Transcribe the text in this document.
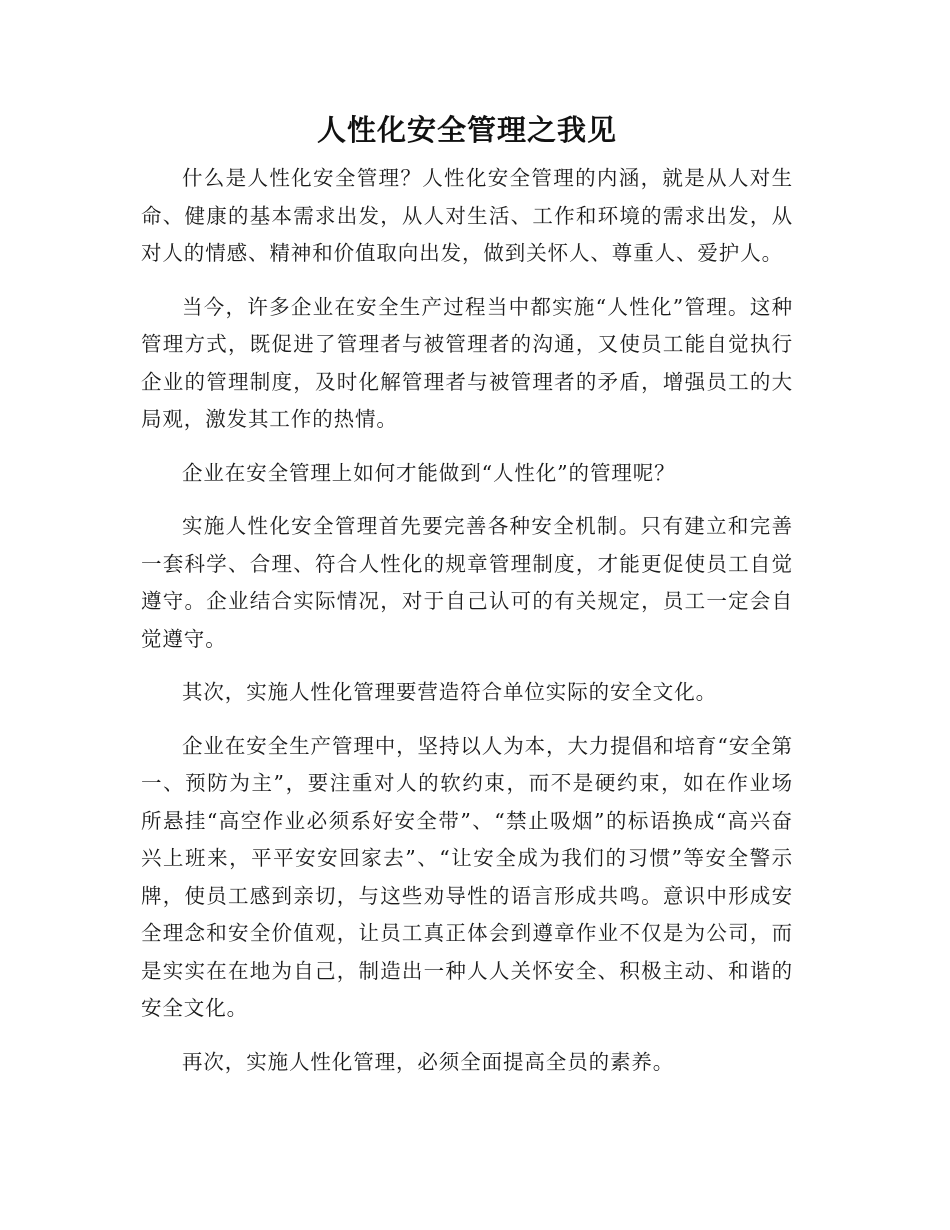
人性化安全管理之我见

什么是人性化安全管理？人性化安全管理的内涵，就是从人对生命、健康的基本需求出发，从人对生活、工作和环境的需求出发，从对人的情感、精神和价值取向出发，做到关怀人、尊重人、爱护人。

当今，许多企业在安全生产过程当中都实施“人性化”管理。这种管理方式，既促进了管理者与被管理者的沟通，又使员工能自觉执行企业的管理制度，及时化解管理者与被管理者的矛盾，增强员工的大局观，激发其工作的热情。

企业在安全管理上如何才能做到“人性化”的管理呢？

实施人性化安全管理首先要完善各种安全机制。只有建立和完善一套科学、合理、符合人性化的规章管理制度，才能更促使员工自觉遵守。企业结合实际情况，对于自己认可的有关规定，员工一定会自觉遵守。

其次，实施人性化管理要营造符合单位实际的安全文化。

企业在安全生产管理中，坚持以人为本，大力提倡和培育“安全第一、预防为主”，要注重对人的软约束，而不是硬约束，如在作业场所悬挂“高空作业必须系好安全带”、“禁止吸烟”的标语换成“高兴奋兴上班来，平平安安回家去”、“让安全成为我们的习惯”等安全警示牌，使员工感到亲切，与这些劝导性的语言形成共鸣。意识中形成安全理念和安全价值观，让员工真正体会到遵章作业不仅是为公司，而是实实在在地为自己，制造出一种人人关怀安全、积极主动、和谐的安全文化。

再次，实施人性化管理，必须全面提高全员的素养。
